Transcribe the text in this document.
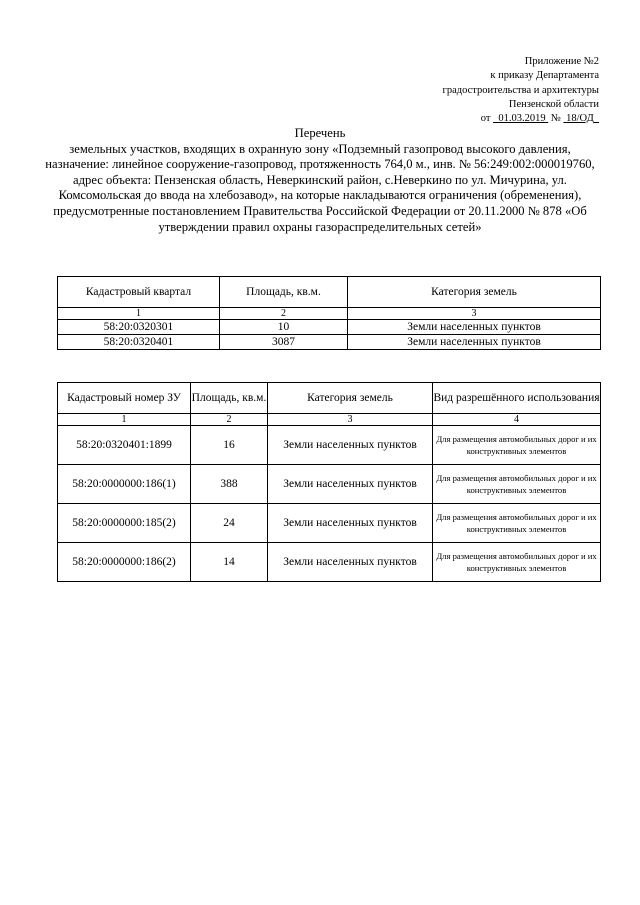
Приложение №2
к приказу Департамента
градостроительства и архитектуры
Пензенской области
от 01.03.2019 № 18/ОД

Перечень

земельных участков, входящих в охранную зону «Подземный газопровод высокого давления, назначение: линейное сооружение-газопровод, протяженность 764,0 м., инв. № 56:249:002:000019760, адрес объекта: Пензенская область, Неверкинский район, с.Неверкино по ул. Мичурина, ул. Комсомольская до ввода на хлебозавод», на которые накладываются ограничения (обременения), предусмотренные постановлением Правительства Российской Федерации от 20.11.2000 № 878 «Об утверждении правил охраны газораспределительных сетей»

Кадастровый квартал	Площадь, кв.м.	Категория земель
1	2	3
58:20:0320301	10	Земли населенных пунктов
58:20:0320401	3087	Земли населенных пунктов
Кадастровый номер ЗУ	Площадь, кв.м.	Категория земель	Вид разрешённого использования
1	2	3	4
58:20:0320401:1899	16	Земли населенных пунктов	Для размещения автомобильных дорог и их конструктивных элементов
58:20:0000000:186(1)	388	Земли населенных пунктов	Для размещения автомобильных дорог и их конструктивных элементов
58:20:0000000:185(2)	24	Земли населенных пунктов	Для размещения автомобильных дорог и их конструктивных элементов
58:20:0000000:186(2)	14	Земли населенных пунктов	Для размещения автомобильных дорог и их конструктивных элементов
